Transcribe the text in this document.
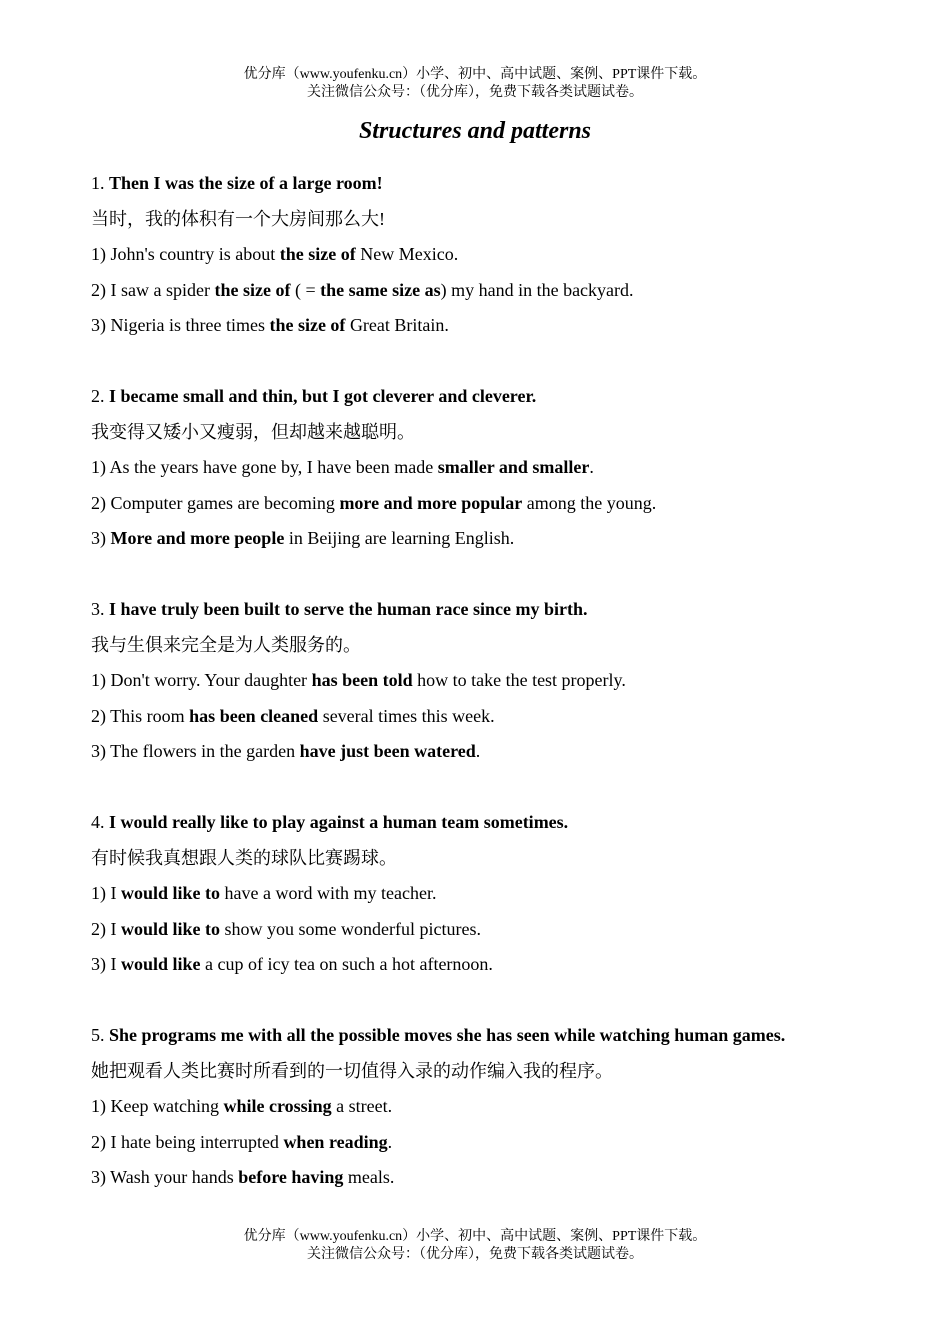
优分库（www.youfenku.cn）小学、初中、高中试题、案例、PPT课件下载。
关注微信公众号：（优分库），免费下载各类试题试卷。
Structures and patterns
1. Then I was the size of a large room!
当时，我的体积有一个大房间那么大!
1) John's country is about the size of New Mexico.
2) I saw a spider the size of ( = the same size as) my hand in the backyard.
3) Nigeria is three times the size of Great Britain.
2. I became small and thin, but I got cleverer and cleverer.
我变得又矮小又瘦弱，但却越来越聪明。
1) As the years have gone by, I have been made smaller and smaller.
2) Computer games are becoming more and more popular among the young.
3) More and more people in Beijing are learning English.
3. I have truly been built to serve the human race since my birth.
我与生俱来完全是为人类服务的。
1) Don't worry. Your daughter has been told how to take the test properly.
2) This room has been cleaned several times this week.
3) The flowers in the garden have just been watered.
4. I would really like to play against a human team sometimes.
有时候我真想跟人类的球队比赛踢球。
1) I would like to have a word with my teacher.
2) I would like to show you some wonderful pictures.
3) I would like a cup of icy tea on such a hot afternoon.
5. She programs me with all the possible moves she has seen while watching human games.
她把观看人类比赛时所看到的一切值得入录的动作编入我的程序。
1) Keep watching while crossing a street.
2) I hate being interrupted when reading.
3) Wash your hands before having meals.
优分库（www.youfenku.cn）小学、初中、高中试题、案例、PPT课件下载。
关注微信公众号：（优分库），免费下载各类试题试卷。
